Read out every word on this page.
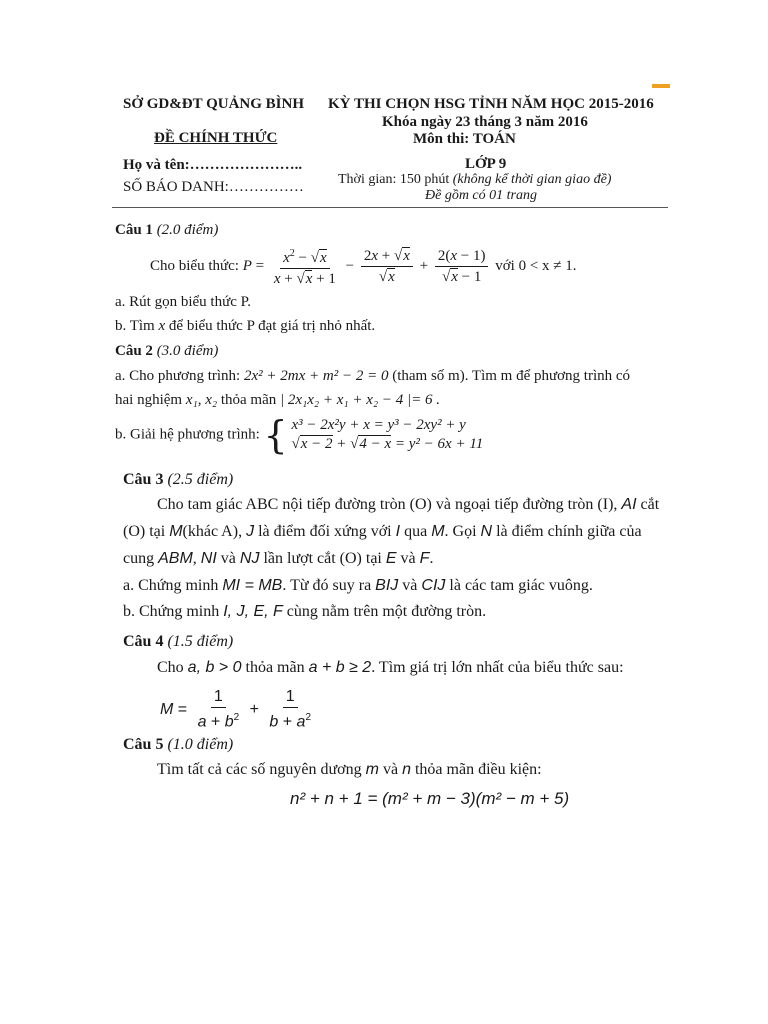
SỞ GD&ĐT QUẢNG BÌNH KỲ THI CHỌN HSG TỈNH NĂM HỌC 2015-2016
Khóa ngày 23 tháng 3 năm 2016
ĐỀ CHÍNH THỨC	Môn thi: TOÁN
Họ và tên:…………………..	LỚP 9
SỐ BÁO DANH:…………… Thời gian: 150 phút (không kể thời gian giao đề)
Đề gồm có 01 trang
Câu 1 (2.0 điểm)
Cho biểu thức: $P = \frac{x^2 - √x}{x + √x + 1} - \frac{2x + √x}{√x} + \frac{2(x - 1)}{√x - 1}$ với 0 < x ≠ 1.
a. Rút gọn biểu thức P.
b. Tìm x để biểu thức P đạt giá trị nhỏ nhất.
Câu 2 (3.0 điểm)
a. Cho phương trình: 2x² + 2mx + m² − 2 = 0 (tham số m). Tìm m để phương trình có
hai nghiệm x₁, x₂ thỏa mãn | 2x₁x₂ + x₁ + x₂ − 4 |= 6 .
b. Giải hệ phương trình: { x³ − 2x²y + x = y³ − 2xy² + y
√x − 2 + √4 − x = y² − 6x + 11
Câu 3 (2.5 điểm)
Cho tam giác ABC nội tiếp đường tròn (O) và ngoại tiếp đường tròn (I), AI cắt
(O) tại M(khác A), J là điểm đối xứng với I qua M. Gọi N là điểm chính giữa của
cung ABM, NI và NJ lần lượt cắt (O) tại E và F.
a. Chứng minh MI = MB. Từ đó suy ra BIJ và CIJ là các tam giác vuông.
b. Chứng minh I, J, E, F cùng nằm trên một đường tròn.
Câu 4 (1.5 điểm)
Cho a, b > 0 thỏa mãn a + b ≥ 2. Tìm giá trị lớn nhất của biểu thức sau:
$M = \frac{1}{a + b^2} + \frac{1}{b + a^2}$
Câu 5 (1.0 điểm)
Tìm tất cả các số nguyên dương m và n thỏa mãn điều kiện:
n² + n + 1 = (m² + m − 3)(m² − m + 5)
